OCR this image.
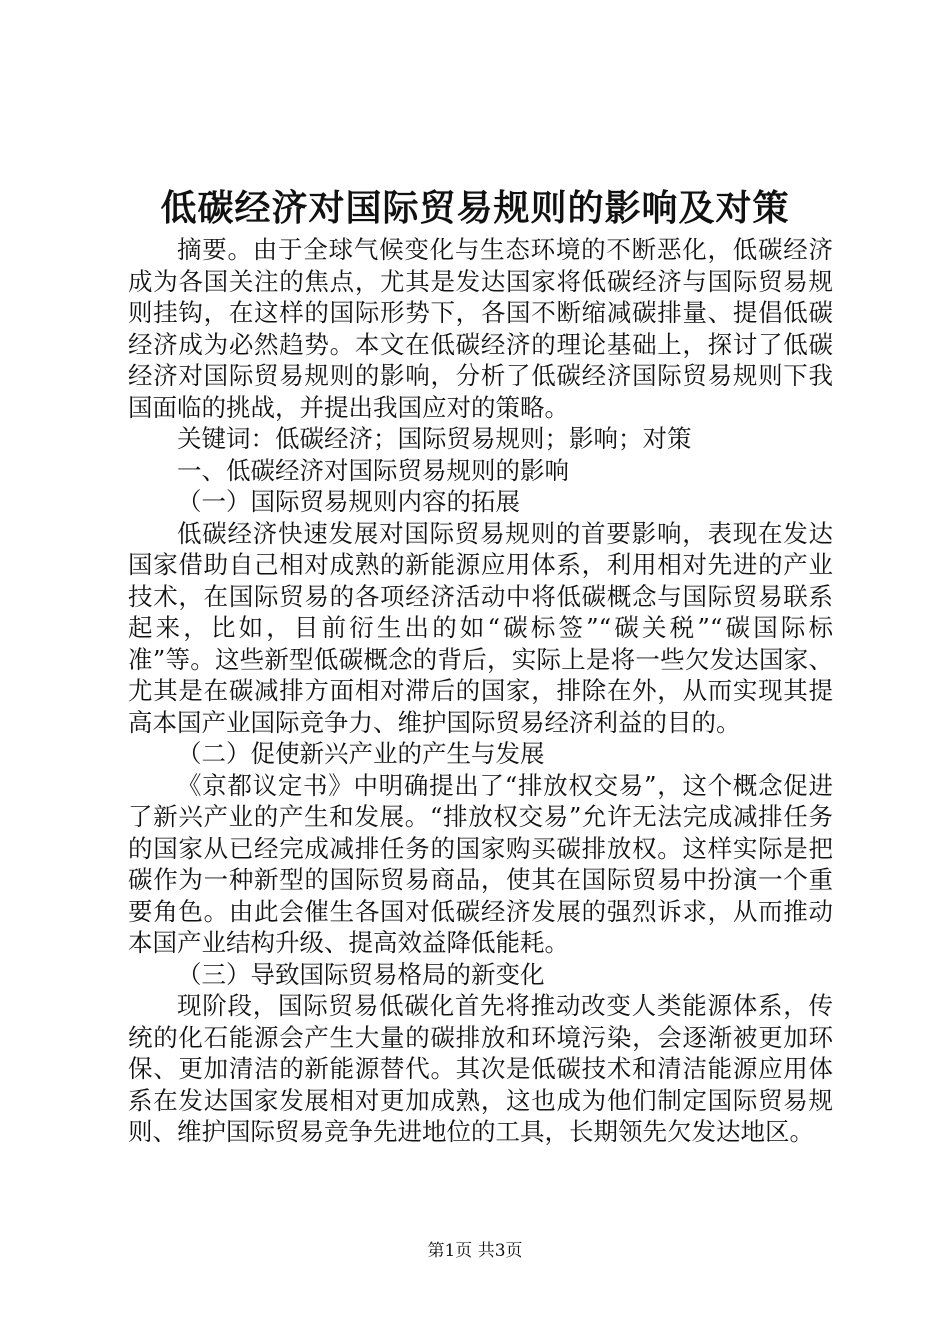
低碳经济对国际贸易规则的影响及对策

摘要。由于全球气候变化与生态环境的不断恶化，低碳经济成为各国关注的焦点，尤其是发达国家将低碳经济与国际贸易规则挂钩，在这样的国际形势下，各国不断缩减碳排量、提倡低碳经济成为必然趋势。本文在低碳经济的理论基础上，探讨了低碳经济对国际贸易规则的影响，分析了低碳经济国际贸易规则下我国面临的挑战，并提出我国应对的策略。

关键词：低碳经济；国际贸易规则；影响；对策

一、低碳经济对国际贸易规则的影响

（一）国际贸易规则内容的拓展

低碳经济快速发展对国际贸易规则的首要影响，表现在发达国家借助自己相对成熟的新能源应用体系，利用相对先进的产业技术，在国际贸易的各项经济活动中将低碳概念与国际贸易联系起来，比如，目前衍生出的如“碳标签”“碳关税”“碳国际标准”等。这些新型低碳概念的背后，实际上是将一些欠发达国家、尤其是在碳减排方面相对滞后的国家，排除在外，从而实现其提高本国产业国际竞争力、维护国际贸易经济利益的目的。

（二）促使新兴产业的产生与发展

《京都议定书》中明确提出了“排放权交易”，这个概念促进了新兴产业的产生和发展。“排放权交易”允许无法完成减排任务的国家从已经完成减排任务的国家购买碳排放权。这样实际是把碳作为一种新型的国际贸易商品，使其在国际贸易中扮演一个重要角色。由此会催生各国对低碳经济发展的强烈诉求，从而推动本国产业结构升级、提高效益降低能耗。

（三）导致国际贸易格局的新变化

现阶段，国际贸易低碳化首先将推动改变人类能源体系，传统的化石能源会产生大量的碳排放和环境污染，会逐渐被更加环保、更加清洁的新能源替代。其次是低碳技术和清洁能源应用体系在发达国家发展相对更加成熟，这也成为他们制定国际贸易规则、维护国际贸易竞争先进地位的工具，长期领先欠发达地区。

第1页 共3页
